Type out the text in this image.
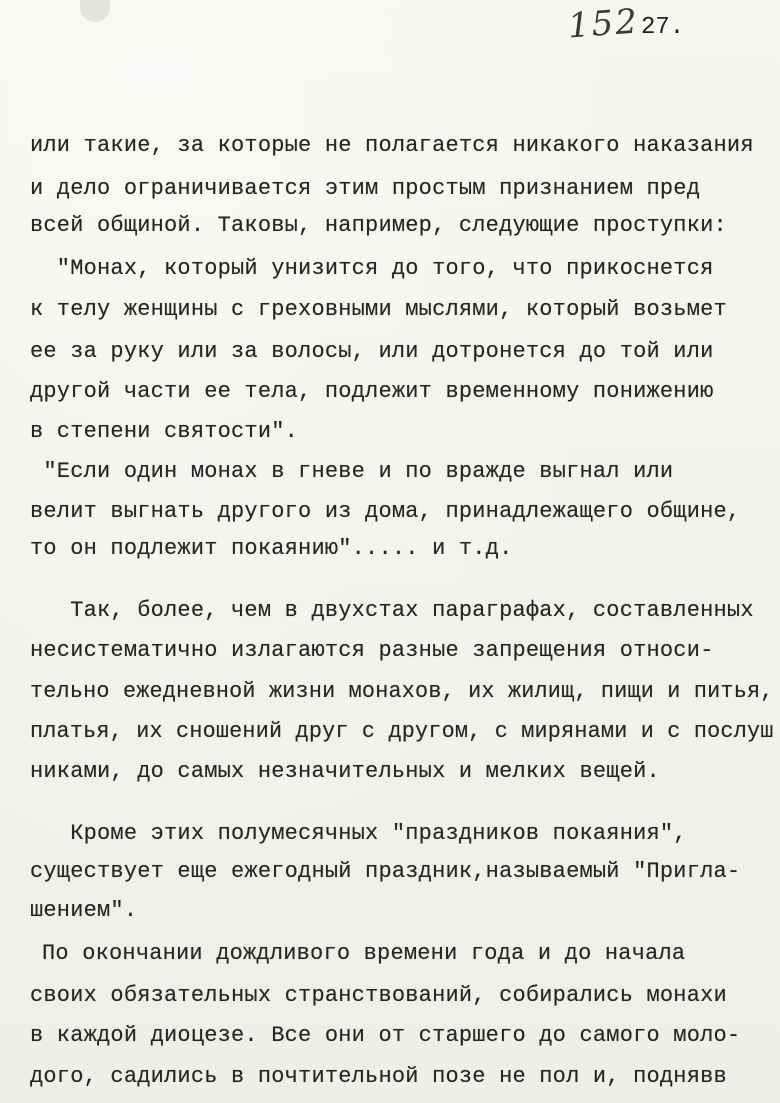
152 27.
или такие, за которые не полагается никакого наказания
и дело ограничивается этим простым признанием пред
всей общиной. Таковы, например, следующие проступки:
"Монах, который унизится до того, что прикоснется
к телу женщины с греховными мыслями, который возьмет
ее за руку или за волосы, или дотронется до той или
другой части ее тела, подлежит временному понижению
в степени святости".
"Если один монах в гневе и по вражде выгнал или
велит выгнать другого из дома, принадлежащего общине,
то он подлежит покаянию"..... и т.д.
Так, более, чем в двухстах параграфах, составленных
несистематично излагаются разные запрещения относи-
тельно ежедневной жизни монахов, их жилищ, пищи и питья,
платья, их сношений друг с другом, с мирянами и с послуш
никами, до самых незначительных и мелких вещей.
Кроме этих полумесячных "праздников покаяния",
существует еще ежегодный праздник,называемый "Пригла-
шением".
По окончании дождливого времени года и до начала
своих обязательных странствований, собирались монахи
в каждой диоцезе. Все они от старшего до самого моло-
дого, садились в почтительной позе не пол и, поднявв
